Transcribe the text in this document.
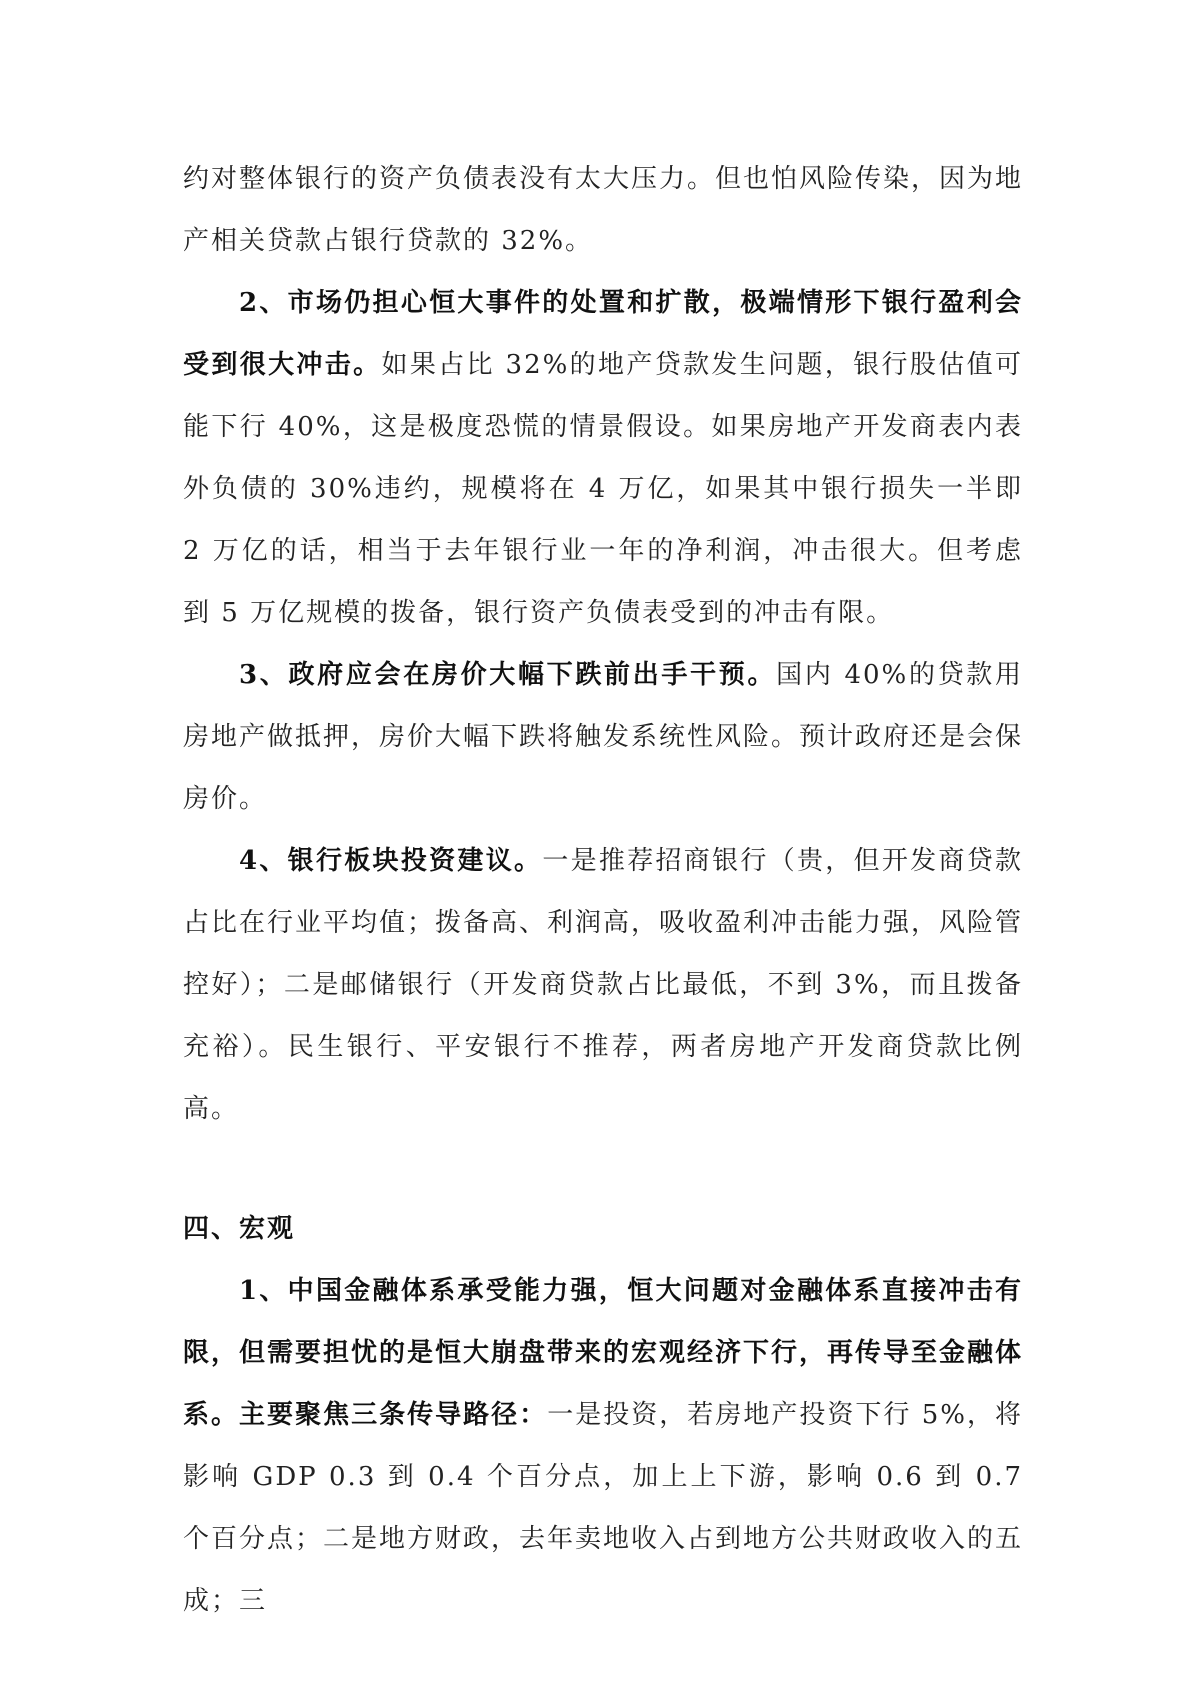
约对整体银行的资产负债表没有太大压力。但也怕风险传染，因为地产相关贷款占银行贷款的 32%。

2、市场仍担心恒大事件的处置和扩散，极端情形下银行盈利会受到很大冲击。如果占比 32%的地产贷款发生问题，银行股估值可能下行 40%，这是极度恐慌的情景假设。如果房地产开发商表内表外负债的 30%违约，规模将在 4 万亿，如果其中银行损失一半即 2 万亿的话，相当于去年银行业一年的净利润，冲击很大。但考虑到 5 万亿规模的拨备，银行资产负债表受到的冲击有限。

3、政府应会在房价大幅下跌前出手干预。国内 40%的贷款用房地产做抵押，房价大幅下跌将触发系统性风险。预计政府还是会保房价。

4、银行板块投资建议。一是推荐招商银行（贵，但开发商贷款占比在行业平均值；拨备高、利润高，吸收盈利冲击能力强，风险管控好）；二是邮储银行（开发商贷款占比最低，不到 3%，而且拨备充裕）。民生银行、平安银行不推荐，两者房地产开发商贷款比例高。

四、宏观

1、中国金融体系承受能力强，恒大问题对金融体系直接冲击有限，但需要担忧的是恒大崩盘带来的宏观经济下行，再传导至金融体系。主要聚焦三条传导路径：一是投资，若房地产投资下行 5%，将影响 GDP 0.3 到 0.4 个百分点，加上上下游，影响 0.6 到 0.7 个百分点；二是地方财政，去年卖地收入占到地方公共财政收入的五成；三
